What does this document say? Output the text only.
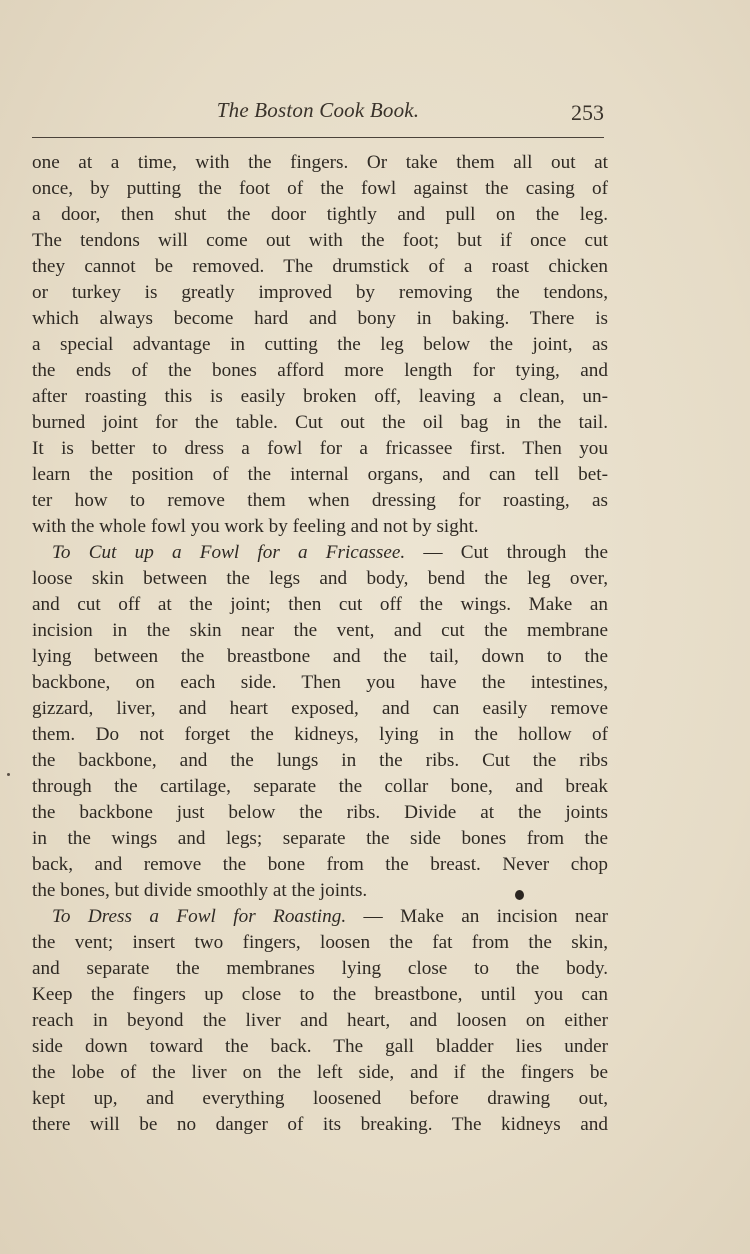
The Boston Cook Book.	253
one at a time, with the fingers. Or take them all out at
once, by putting the foot of the fowl against the casing of
a door, then shut the door tightly and pull on the leg.
The tendons will come out with the foot; but if once cut
they cannot be removed. The drumstick of a roast chicken
or turkey is greatly improved by removing the tendons,
which always become hard and bony in baking. There is
a special advantage in cutting the leg below the joint, as
the ends of the bones afford more length for tying, and
after roasting this is easily broken off, leaving a clean, un-
burned joint for the table. Cut out the oil bag in the tail.
It is better to dress a fowl for a fricassee first. Then you
learn the position of the internal organs, and can tell bet-
ter how to remove them when dressing for roasting, as
with the whole fowl you work by feeling and not by sight.
To Cut up a Fowl for a Fricassee. — Cut through the
loose skin between the legs and body, bend the leg over,
and cut off at the joint; then cut off the wings. Make an
incision in the skin near the vent, and cut the membrane
lying between the breastbone and the tail, down to the
backbone, on each side. Then you have the intestines,
gizzard, liver, and heart exposed, and can easily remove
them. Do not forget the kidneys, lying in the hollow of
the backbone, and the lungs in the ribs. Cut the ribs
through the cartilage, separate the collar bone, and break
the backbone just below the ribs. Divide at the joints
in the wings and legs; separate the side bones from the
back, and remove the bone from the breast. Never chop
the bones, but divide smoothly at the joints.
To Dress a Fowl for Roasting. — Make an incision near
the vent; insert two fingers, loosen the fat from the skin,
and separate the membranes lying close to the body.
Keep the fingers up close to the breastbone, until you can
reach in beyond the liver and heart, and loosen on either
side down toward the back. The gall bladder lies under
the lobe of the liver on the left side, and if the fingers be
kept up, and everything loosened before drawing out,
there will be no danger of its breaking. The kidneys and
